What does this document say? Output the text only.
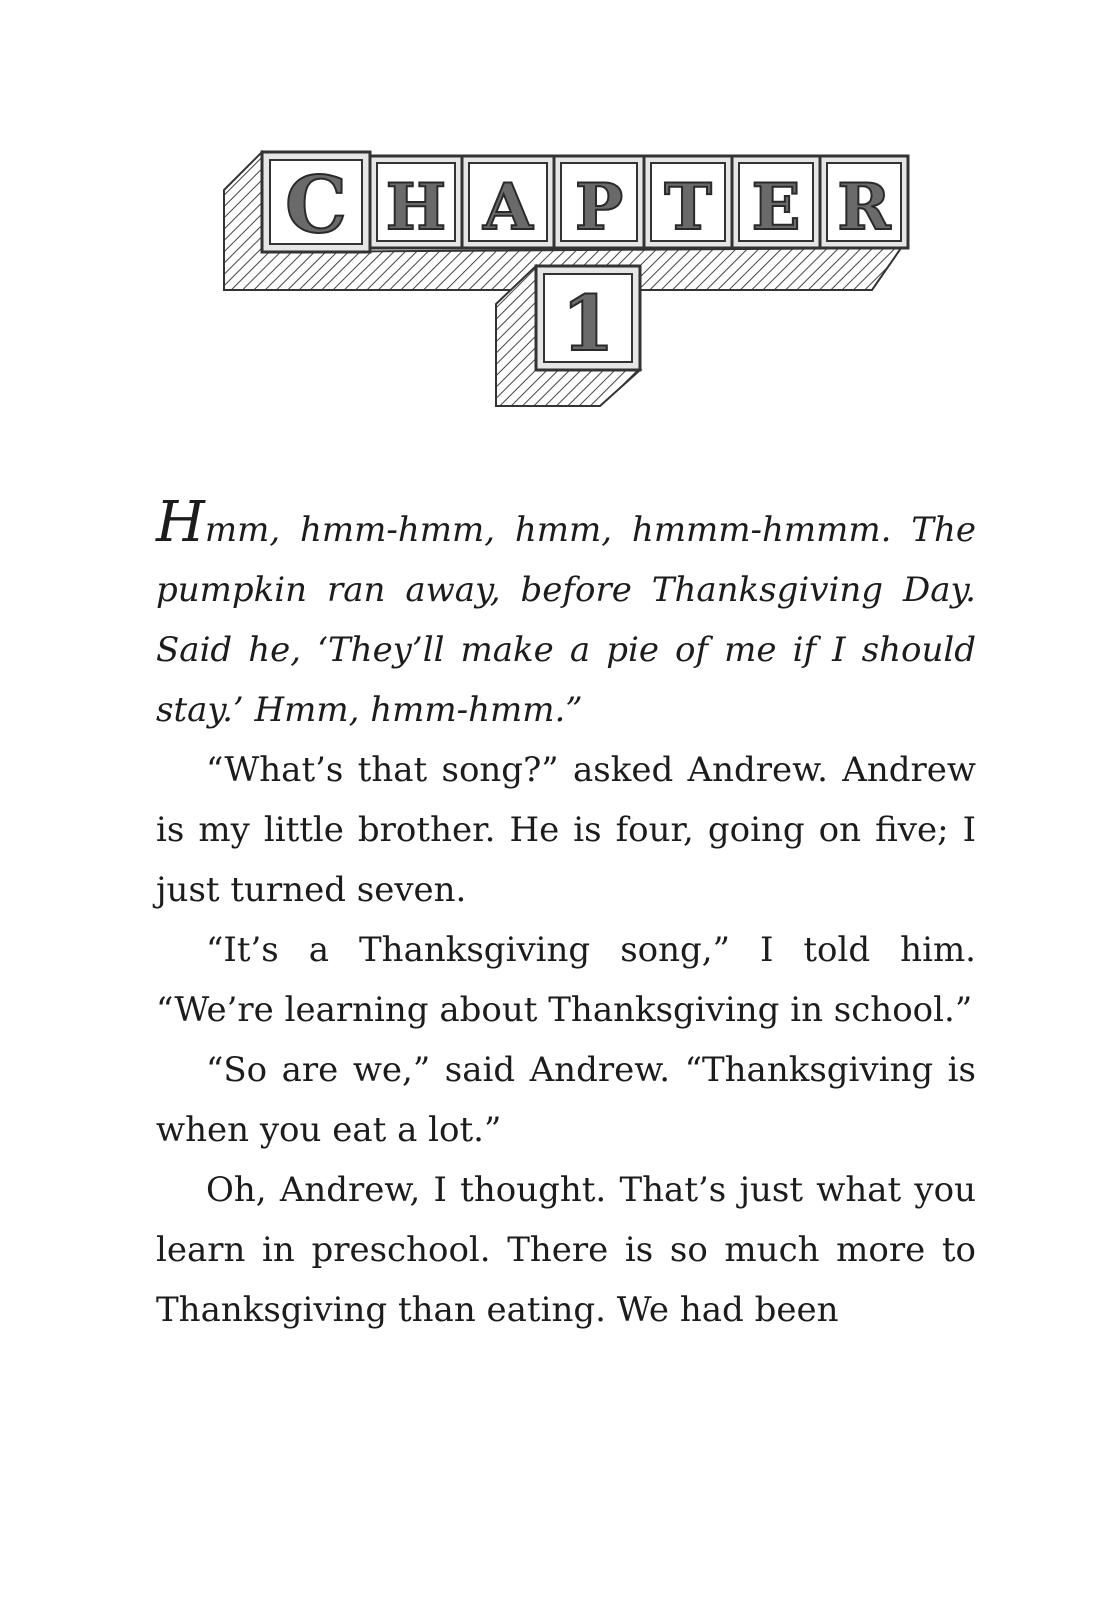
C H A P T E R
1

Hmm, hmm-hmm, hmm, hmmm-hmmm. The pumpkin ran away, before Thanksgiving Day. Said he, ‘They’ll make a pie of me if I should stay.’ Hmm, hmm-hmm.”

“What’s that song?” asked Andrew. Andrew is my little brother. He is four, going on five; I just turned seven.

“It’s a Thanksgiving song,” I told him. “We’re learning about Thanksgiving in school.”

“So are we,” said Andrew. “Thanksgiving is when you eat a lot.”

Oh, Andrew, I thought. That’s just what you learn in preschool. There is so much more to Thanksgiving than eating. We had been
